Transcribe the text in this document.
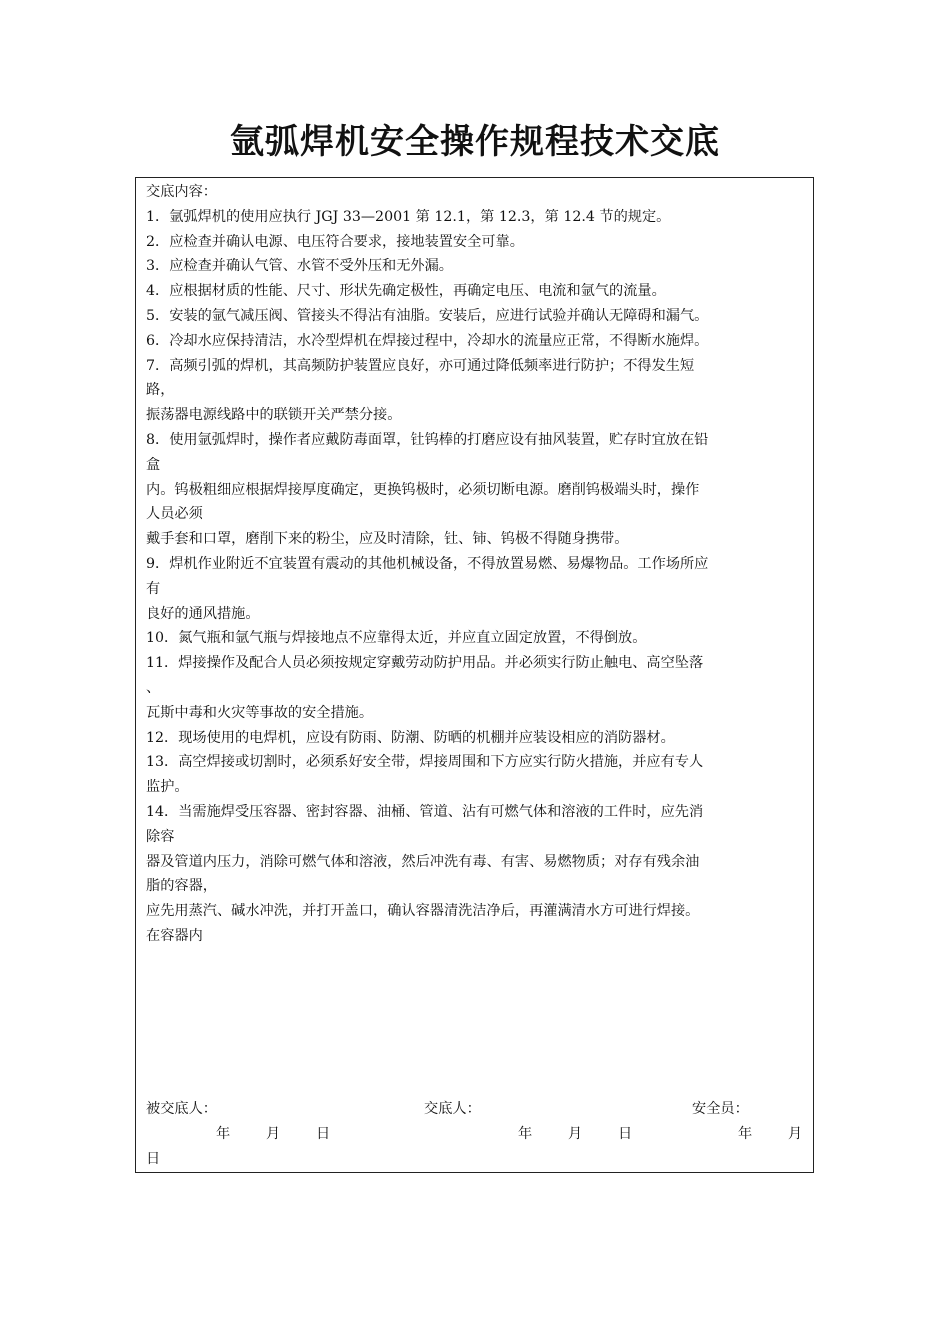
氩弧焊机安全操作规程技术交底
交底内容：
1．氩弧焊机的使用应执行 JGJ 33—2001 第 12.1，第 12.3，第 12.4 节的规定。
2．应检查并确认电源、电压符合要求，接地装置安全可靠。
3．应检查并确认气管、水管不受外压和无外漏。
4．应根据材质的性能、尺寸、形状先确定极性，再确定电压、电流和氩气的流量。
5．安装的氩气减压阀、管接头不得沾有油脂。安装后，应进行试验并确认无障碍和漏气。
6．冷却水应保持清洁，水冷型焊机在焊接过程中，冷却水的流量应正常，不得断水施焊。
7．高频引弧的焊机，其高频防护装置应良好，亦可通过降低频率进行防护；不得发生短
路，
振荡器电源线路中的联锁开关严禁分接。
8．使用氩弧焊时，操作者应戴防毒面罩，钍钨棒的打磨应设有抽风装置，贮存时宜放在铅
盒
内。钨极粗细应根据焊接厚度确定，更换钨极时，必须切断电源。磨削钨极端头时，操作
人员必须
戴手套和口罩，磨削下来的粉尘，应及时清除，钍、铈、钨极不得随身携带。
9．焊机作业附近不宜装置有震动的其他机械设备，不得放置易燃、易爆物品。工作场所应
有
良好的通风措施。
10．氮气瓶和氩气瓶与焊接地点不应靠得太近，并应直立固定放置，不得倒放。
11．焊接操作及配合人员必须按规定穿戴劳动防护用品。并必须实行防止触电、高空坠落
、
瓦斯中毒和火灾等事故的安全措施。
12．现场使用的电焊机，应设有防雨、防潮、防晒的机棚并应装设相应的消防器材。
13．高空焊接或切割时，必须系好安全带，焊接周围和下方应实行防火措施，并应有专人
监护。
14．当需施焊受压容器、密封容器、油桶、管道、沾有可燃气体和溶液的工件时，应先消
除容
器及管道内压力，消除可燃气体和溶液，然后冲洗有毒、有害、易燃物质；对存有残余油
脂的容器，
应先用蒸汽、碱水冲洗，并打开盖口，确认容器清洗洁净后，再灌满清水方可进行焊接。
在容器内
被交底人：	交底人：	安全员：
年	月	日	年	月	日	年	月
日
